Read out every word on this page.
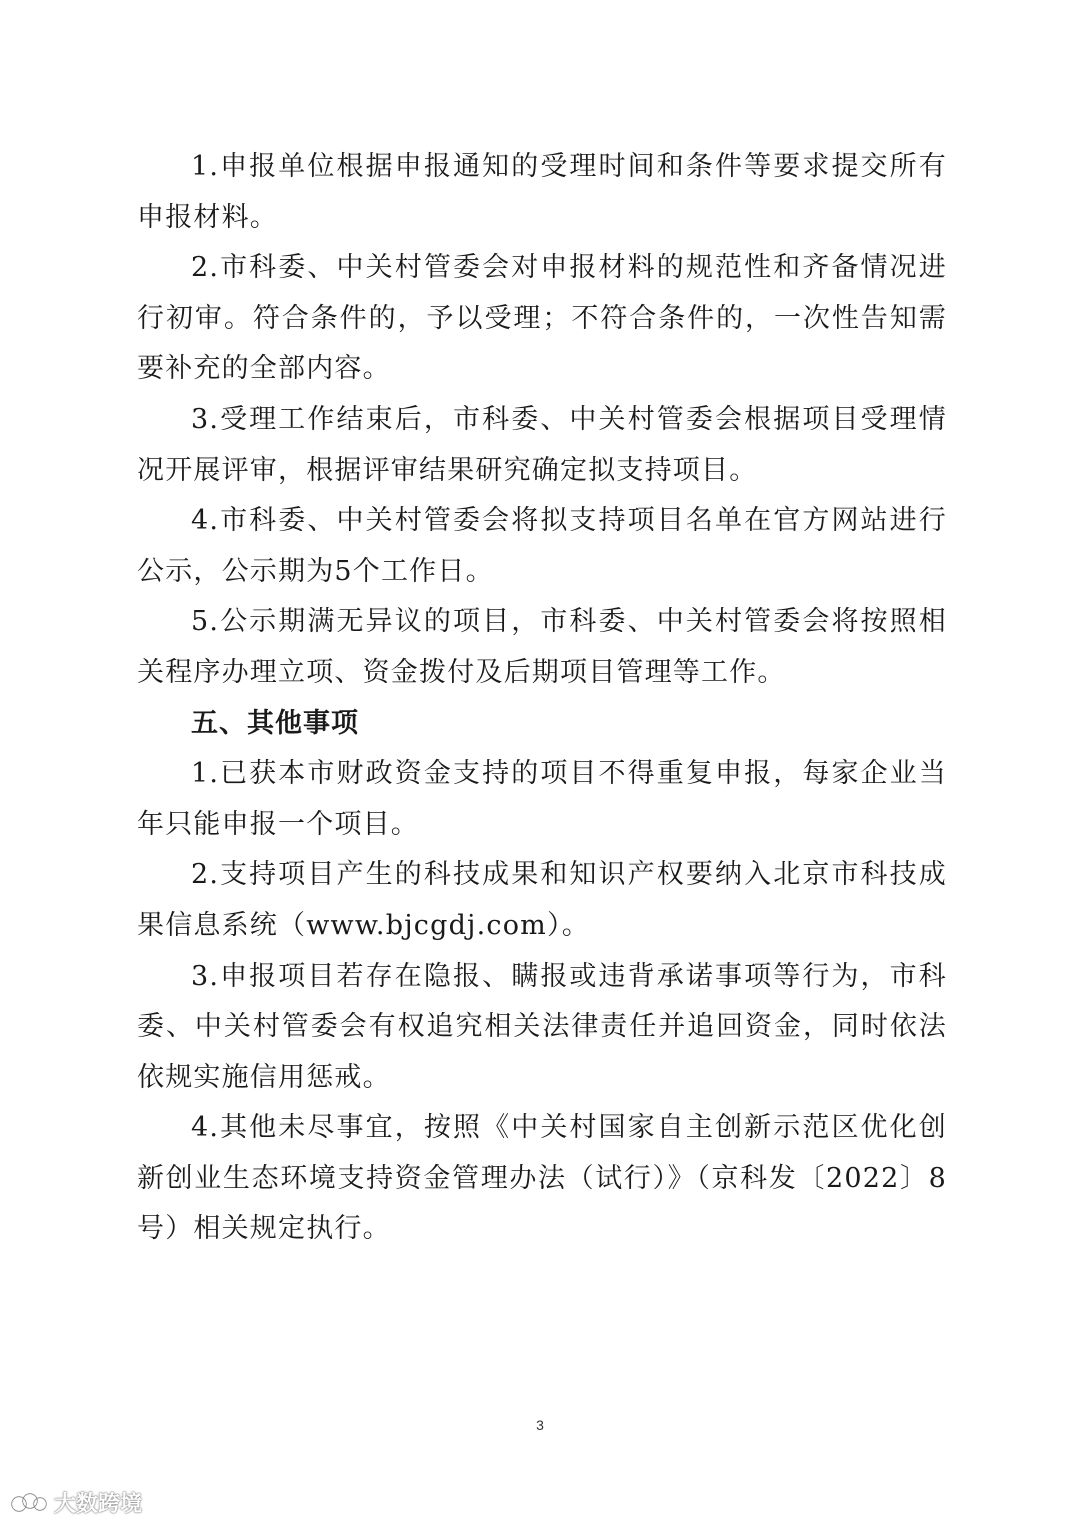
1.申报单位根据申报通知的受理时间和条件等要求提交所有申报材料。

2.市科委、中关村管委会对申报材料的规范性和齐备情况进行初审。符合条件的，予以受理；不符合条件的，一次性告知需要补充的全部内容。

3.受理工作结束后，市科委、中关村管委会根据项目受理情况开展评审，根据评审结果研究确定拟支持项目。

4.市科委、中关村管委会将拟支持项目名单在官方网站进行公示，公示期为5个工作日。

5.公示期满无异议的项目，市科委、中关村管委会将按照相关程序办理立项、资金拨付及后期项目管理等工作。

五、其他事项

1.已获本市财政资金支持的项目不得重复申报，每家企业当年只能申报一个项目。

2.支持项目产生的科技成果和知识产权要纳入北京市科技成果信息系统（www.bjcgdj.com）。

3.申报项目若存在隐报、瞒报或违背承诺事项等行为，市科委、中关村管委会有权追究相关法律责任并追回资金，同时依法依规实施信用惩戒。

4.其他未尽事宜，按照《中关村国家自主创新示范区优化创新创业生态环境支持资金管理办法（试行）》（京科发〔2022〕8号）相关规定执行。

3
大数跨境
